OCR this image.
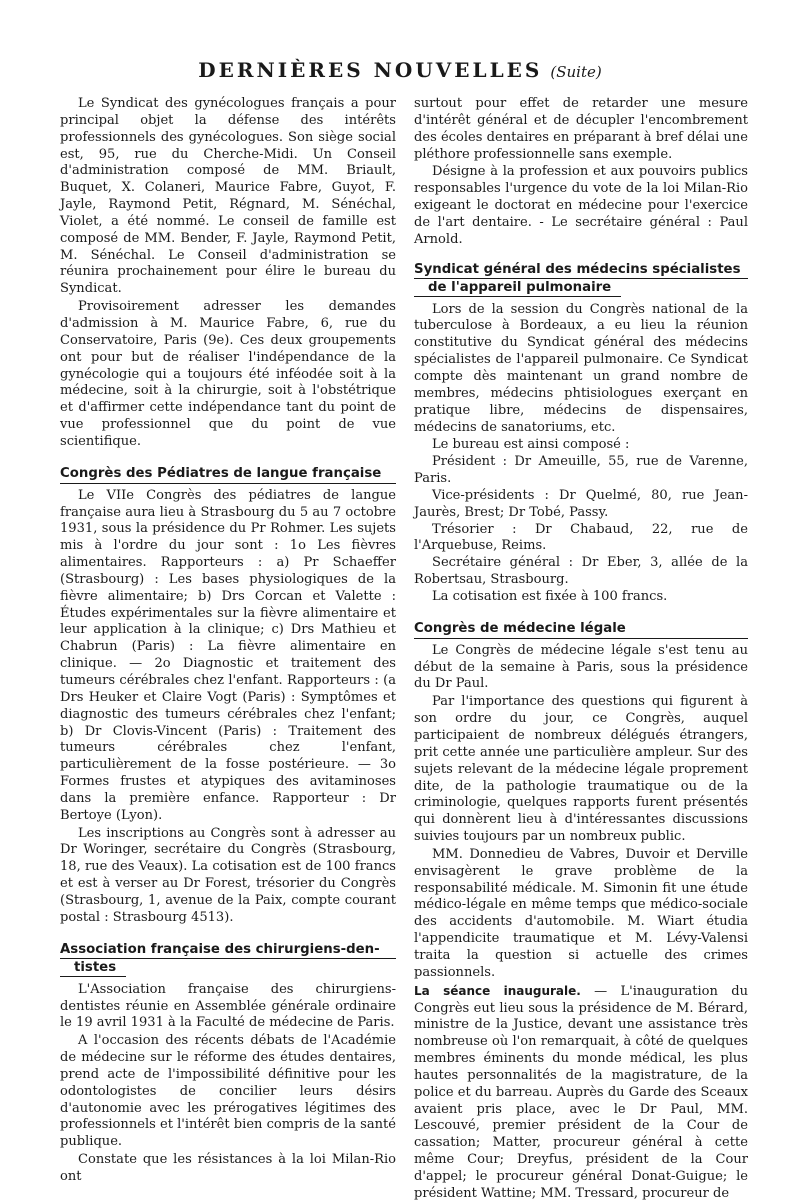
DERNIÈRES NOUVELLES (Suite)

Le Syndicat des gynécologues français a pour principal objet la défense des intérêts professionnels des gynécologues. Son siège social est, 95, rue du Cherche-Midi. Un Conseil d'administration composé de MM. Briault, Buquet, X. Colaneri, Maurice Fabre, Guyot, F. Jayle, Raymond Petit, Régnard, M. Sénéchal, Violet, a été nommé. Le conseil de famille est composé de MM. Bender, F. Jayle, Raymond Petit, M. Sénéchal. Le Conseil d'administration se réunira prochainement pour élire le bureau du Syndicat.

Provisoirement adresser les demandes d'admission à M. Maurice Fabre, 6, rue du Conservatoire, Paris (9e). Ces deux groupements ont pour but de réaliser l'indépendance de la gynécologie qui a toujours été inféodée soit à la médecine, soit à la chirurgie, soit à l'obstétrique et d'affirmer cette indépendance tant du point de vue professionnel que du point de vue scientifique.

Congrès des Pédiatres de langue française

Le VIIe Congrès des pédiatres de langue française aura lieu à Strasbourg du 5 au 7 octobre 1931, sous la présidence du Pr Rohmer. Les sujets mis à l'ordre du jour sont : 1o Les fièvres alimentaires. Rapporteurs : a) Pr Schaeffer (Strasbourg) : Les bases physiologiques de la fièvre alimentaire; b) Drs Corcan et Valette : Études expérimentales sur la fièvre alimentaire et leur application à la clinique; c) Drs Mathieu et Chabrun (Paris) : La fièvre alimentaire en clinique. — 2o Diagnostic et traitement des tumeurs cérébrales chez l'enfant. Rapporteurs : (a Drs Heuker et Claire Vogt (Paris) : Symptômes et diagnostic des tumeurs cérébrales chez l'enfant; b) Dr Clovis-Vincent (Paris) : Traitement des tumeurs cérébrales chez l'enfant, particulièrement de la fosse postérieure. — 3o Formes frustes et atypiques des avitaminoses dans la première enfance. Rapporteur : Dr Bertoye (Lyon).

Les inscriptions au Congrès sont à adresser au Dr Woringer, secrétaire du Congrès (Strasbourg, 18, rue des Veaux). La cotisation est de 100 francs et est à verser au Dr Forest, trésorier du Congrès (Strasbourg, 1, avenue de la Paix, compte courant postal : Strasbourg 4513).

Association française des chirurgiens-den-
tistes

L'Association française des chirurgiens-dentistes réunie en Assemblée générale ordinaire le 19 avril 1931 à la Faculté de médecine de Paris.

A l'occasion des récents débats de l'Académie de médecine sur le réforme des études dentaires, prend acte de l'impossibilité définitive pour les odontologistes de concilier leurs désirs d'autonomie avec les prérogatives légitimes des professionnels et l'intérêt bien compris de la santé publique.

Constate que les résistances à la loi Milan-Rio ont

surtout pour effet de retarder une mesure d'intérêt général et de décupler l'encombrement des écoles dentaires en préparant à bref délai une pléthore professionnelle sans exemple.

Désigne à la profession et aux pouvoirs publics responsables l'urgence du vote de la loi Milan-Rio exigeant le doctorat en médecine pour l'exercice de l'art dentaire. - Le secrétaire général : Paul Arnold.

Syndicat général des médecins spécialistes
de l'appareil pulmonaire

Lors de la session du Congrès national de la tuberculose à Bordeaux, a eu lieu la réunion constitutive du Syndicat général des médecins spécialistes de l'appareil pulmonaire. Ce Syndicat compte dès maintenant un grand nombre de membres, médecins phtisiologues exerçant en pratique libre, médecins de dispensaires, médecins de sanatoriums, etc.

Le bureau est ainsi composé :

Président : Dr Ameuille, 55, rue de Varenne, Paris.

Vice-présidents : Dr Quelmé, 80, rue Jean-Jaurès, Brest; Dr Tobé, Passy.

Trésorier : Dr Chabaud, 22, rue de l'Arquebuse, Reims.

Secrétaire général : Dr Eber, 3, allée de la Robertsau, Strasbourg.

La cotisation est fixée à 100 francs.

Congrès de médecine légale

Le Congrès de médecine légale s'est tenu au début de la semaine à Paris, sous la présidence du Dr Paul.

Par l'importance des questions qui figurent à son ordre du jour, ce Congrès, auquel participaient de nombreux délégués étrangers, prit cette année une particulière ampleur. Sur des sujets relevant de la médecine légale proprement dite, de la pathologie traumatique ou de la criminologie, quelques rapports furent présentés qui donnèrent lieu à d'intéressantes discussions suivies toujours par un nombreux public.

MM. Donnedieu de Vabres, Duvoir et Derville envisagèrent le grave problème de la responsabilité médicale. M. Simonin fit une étude médico-légale en même temps que médico-sociale des accidents d'automobile. M. Wiart étudia l'appendicite traumatique et M. Lévy-Valensi traita la question si actuelle des crimes passionnels.

La séance inaugurale. — L'inauguration du Congrès eut lieu sous la présidence de M. Bérard, ministre de la Justice, devant une assistance très nombreuse où l'on remarquait, à côté de quelques membres éminents du monde médical, les plus hautes personnalités de la magistrature, de la police et du barreau. Auprès du Garde des Sceaux avaient pris place, avec le Dr Paul, MM. Lescouvé, premier président de la Cour de cassation; Matter, procureur général à cette même Cour; Dreyfus, président de la Cour d'appel; le procureur général Donat-Guigue; le président Wattine; MM. Tressard, procureur de
